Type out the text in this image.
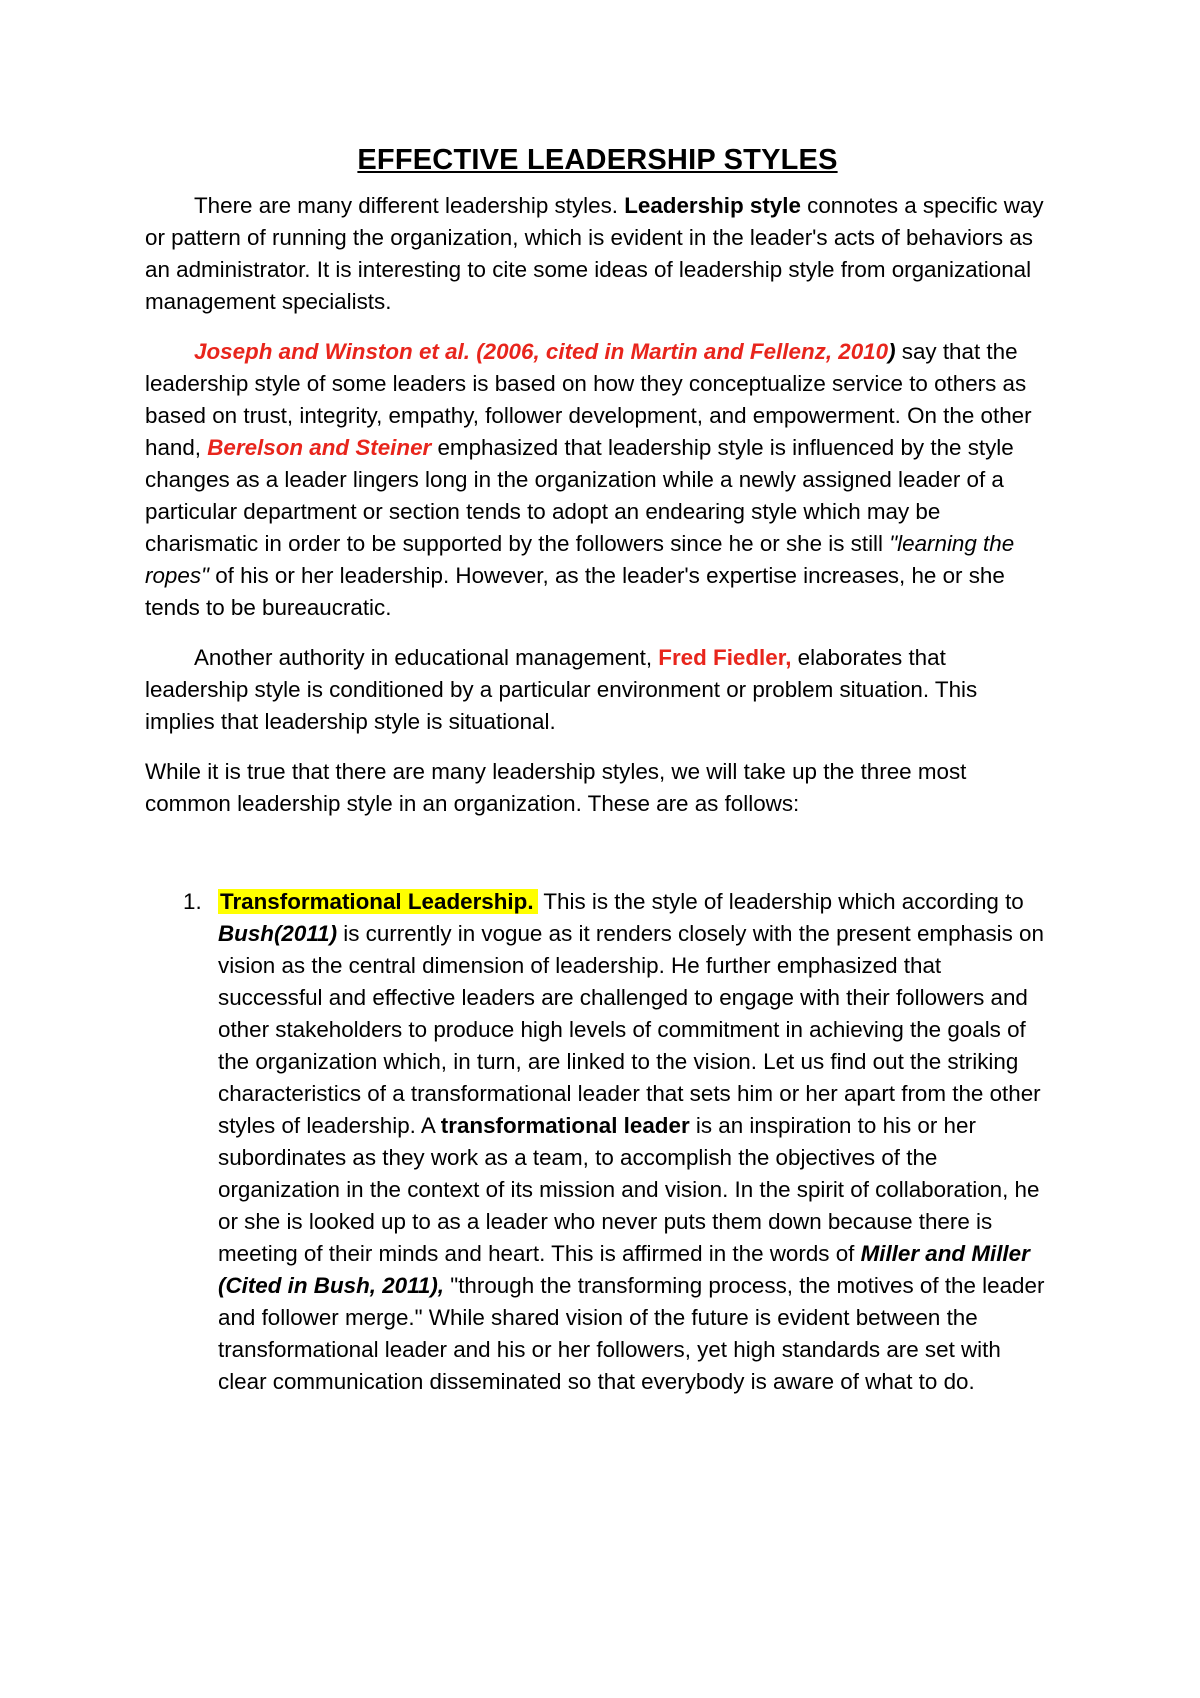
EFFECTIVE LEADERSHIP STYLES

There are many different leadership styles. Leadership style connotes a specific way or pattern of running the organization, which is evident in the leader's acts of behaviors as an administrator. It is interesting to cite some ideas of leadership style from organizational management specialists.

Joseph and Winston et al. (2006, cited in Martin and Fellenz, 2010) say that the leadership style of some leaders is based on how they conceptualize service to others as based on trust, integrity, empathy, follower development, and empowerment. On the other hand, Berelson and Steiner emphasized that leadership style is influenced by the style changes as a leader lingers long in the organization while a newly assigned leader of a particular department or section tends to adopt an endearing style which may be charismatic in order to be supported by the followers since he or she is still "learning the ropes" of his or her leadership. However, as the leader's expertise increases, he or she tends to be bureaucratic.

Another authority in educational management, Fred Fiedler, elaborates that leadership style is conditioned by a particular environment or problem situation. This implies that leadership style is situational.

While it is true that there are many leadership styles, we will take up the three most common leadership style in an organization. These are as follows:

1. Transformational Leadership. This is the style of leadership which according to Bush(2011) is currently in vogue as it renders closely with the present emphasis on vision as the central dimension of leadership. He further emphasized that successful and effective leaders are challenged to engage with their followers and other stakeholders to produce high levels of commitment in achieving the goals of the organization which, in turn, are linked to the vision. Let us find out the striking characteristics of a transformational leader that sets him or her apart from the other styles of leadership. A transformational leader is an inspiration to his or her subordinates as they work as a team, to accomplish the objectives of the organization in the context of its mission and vision. In the spirit of collaboration, he or she is looked up to as a leader who never puts them down because there is meeting of their minds and heart. This is affirmed in the words of Miller and Miller (Cited in Bush, 2011), "through the transforming process, the motives of the leader and follower merge." While shared vision of the future is evident between the transformational leader and his or her followers, yet high standards are set with clear communication disseminated so that everybody is aware of what to do.
